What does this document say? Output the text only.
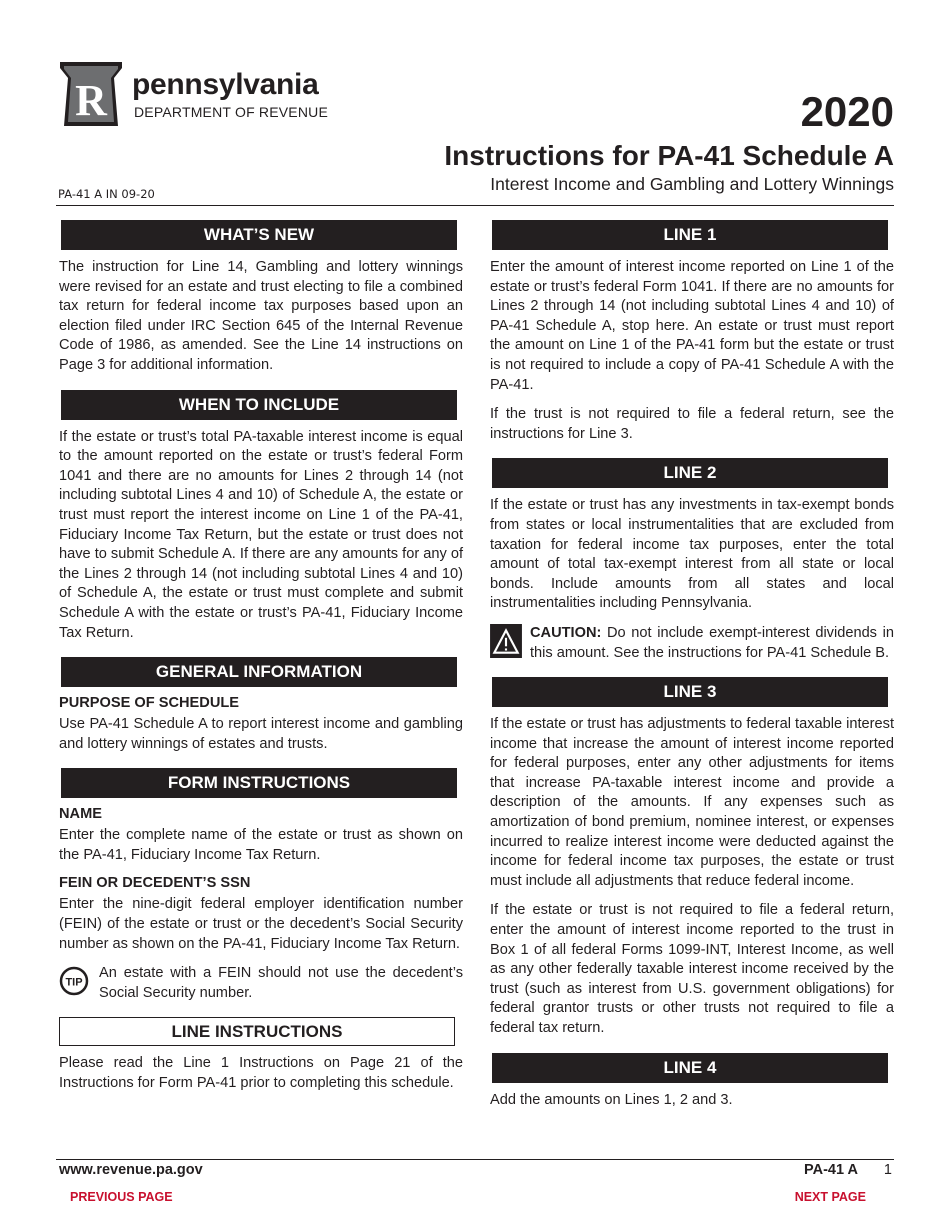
R pennsylvania
DEPARTMENT OF REVENUE	2020
Instructions for PA-41 Schedule A
Interest Income and Gambling and Lottery Winnings
PA-41 A IN 09-20
WHAT’S NEW

The instruction for Line 14, Gambling and lottery winnings were revised for an estate and trust electing to file a combined tax return for federal income tax purposes based upon an election filed under IRC Section 645 of the Internal Revenue Code of 1986, as amended. See the Line 14 instructions on Page 3 for additional information.

WHEN TO INCLUDE

If the estate or trust’s total PA-taxable interest income is equal to the amount reported on the estate or trust’s federal Form 1041 and there are no amounts for Lines 2 through 14 (not including subtotal Lines 4 and 10) of Schedule A, the estate or trust must report the interest income on Line 1 of the PA-41, Fiduciary Income Tax Return, but the estate or trust does not have to submit Schedule A. If there are any amounts for any of the Lines 2 through 14 (not including subtotal Lines 4 and 10) of Schedule A, the estate or trust must complete and submit Schedule A with the estate or trust’s PA-41, Fiduciary Income Tax Return.

GENERAL INFORMATION
PURPOSE OF SCHEDULE

Use PA-41 Schedule A to report interest income and gambling and lottery winnings of estates and trusts.

FORM INSTRUCTIONS
NAME

Enter the complete name of the estate or trust as shown on the PA-41, Fiduciary Income Tax Return.

FEIN OR DECEDENT’S SSN

Enter the nine-digit federal employer identification number (FEIN) of the estate or trust or the decedent’s Social Security number as shown on the PA-41, Fiduciary Income Tax Return.

TIP
An estate with a FEIN should not use the decedent’s Social Security number.
LINE INSTRUCTIONS

Please read the Line 1 Instructions on Page 21 of the Instructions for Form PA-41 prior to completing this schedule.

LINE 1

Enter the amount of interest income reported on Line 1 of the estate or trust’s federal Form 1041. If there are no amounts for Lines 2 through 14 (not including subtotal Lines 4 and 10) of PA-41 Schedule A, stop here. An estate or trust must report the amount on Line 1 of the PA-41 form but the estate or trust is not required to include a copy of PA-41 Schedule A with the PA-41.

If the trust is not required to file a federal return, see the instructions for Line 3.

LINE 2

If the estate or trust has any investments in tax-exempt bonds from states or local instrumentalities that are excluded from taxation for federal income tax purposes, enter the total amount of total tax-exempt interest from all state or local bonds. Include amounts from all states and local instrumentalities including Pennsylvania.

CAUTION: Do not include exempt-interest dividends in this amount. See the instructions for PA-41 Schedule B.
LINE 3

If the estate or trust has adjustments to federal taxable interest income that increase the amount of interest income reported for federal purposes, enter any other adjustments for items that increase PA-taxable interest income and provide a description of the amounts. If any expenses such as amortization of bond premium, nominee interest, or expenses incurred to realize interest income were deducted against the income for federal income tax purposes, the estate or trust must include all adjustments that reduce federal income.

If the estate or trust is not required to file a federal return, enter the amount of interest income reported to the trust in Box 1 of all federal Forms 1099-INT, Interest Income, as well as any other federally taxable interest income received by the trust (such as interest from U.S. government obligations) for federal grantor trusts or other trusts not required to file a federal tax return.

LINE 4

Add the amounts on Lines 1, 2 and 3.

www.revenue.pa.gov	PA-41 A 1
PREVIOUS PAGE	NEXT PAGE
